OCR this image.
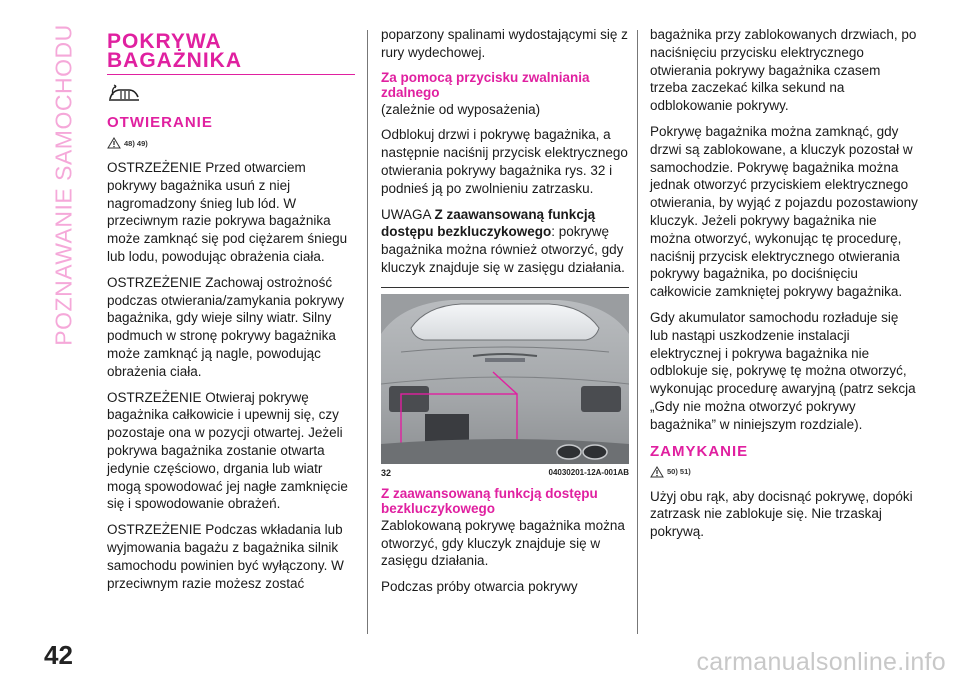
POZNAWANIE SAMOCHODU POKRYWA
BAGAŻNIKA
OTWIERANIE
48) 49)

OSTRZEŻENIE Przed otwarciem pokrywy bagażnika usuń z niej nagromadzony śnieg lub lód. W przeciwnym razie pokrywa bagażnika może zamknąć się pod ciężarem śniegu lub lodu, powodując obrażenia ciała.

OSTRZEŻENIE Zachowaj ostrożność podczas otwierania/zamykania pokrywy bagażnika, gdy wieje silny wiatr. Silny podmuch w stronę pokrywy bagażnika może zamknąć ją nagle, powodując obrażenia ciała.

OSTRZEŻENIE Otwieraj pokrywę bagażnika całkowicie i upewnij się, czy pozostaje ona w pozycji otwartej. Jeżeli pokrywa bagażnika zostanie otwarta jedynie częściowo, drgania lub wiatr mogą spowodować jej nagłe zamknięcie się i spowodowanie obrażeń.

OSTRZEŻENIE Podczas wkładania lub wyjmowania bagażu z bagażnika silnik samochodu powinien być wyłączony. W przeciwnym razie możesz zostać

poparzony spalinami wydostającymi się z rury wydechowej.

Za pomocą przycisku zwalniania zdalnego

(zależnie od wyposażenia)

Odblokuj drzwi i pokrywę bagażnika, a następnie naciśnij przycisk elektrycznego otwierania pokrywy bagażnika rys. 32 i podnieś ją po zwolnieniu zatrzasku.

UWAGA Z zaawansowaną funkcją dostępu bezkluczykowego: pokrywę bagażnika można również otworzyć, gdy kluczyk znajduje się w zasięgu działania.

32	04030201-12A-001AB
Z zaawansowaną funkcją dostępu bezkluczykowego

Zablokowaną pokrywę bagażnika można otworzyć, gdy kluczyk znajduje się w zasięgu działania.

Podczas próby otwarcia pokrywy

bagażnika przy zablokowanych drzwiach, po naciśnięciu przycisku elektrycznego otwierania pokrywy bagażnika czasem trzeba zaczekać kilka sekund na odblokowanie pokrywy.

Pokrywę bagażnika można zamknąć, gdy drzwi są zablokowane, a kluczyk pozostał w samochodzie. Pokrywę bagażnika można jednak otworzyć przyciskiem elektrycznego otwierania, by wyjąć z pojazdu pozostawiony kluczyk. Jeżeli pokrywy bagażnika nie można otworzyć, wykonując tę procedurę, naciśnij przycisk elektrycznego otwierania pokrywy bagażnika, po dociśnięciu całkowicie zamkniętej pokrywy bagażnika.

Gdy akumulator samochodu rozładuje się lub nastąpi uszkodzenie instalacji elektrycznej i pokrywa bagażnika nie odblokuje się, pokrywę tę można otworzyć, wykonując procedurę awaryjną (patrz sekcja „Gdy nie można otworzyć pokrywy bagażnika” w niniejszym rozdziale).

ZAMYKANIE
50) 51)

Użyj obu rąk, aby docisnąć pokrywę, dopóki zatrzask nie zablokuje się. Nie trzaskaj pokrywą.

42	carmanualsonline.info
